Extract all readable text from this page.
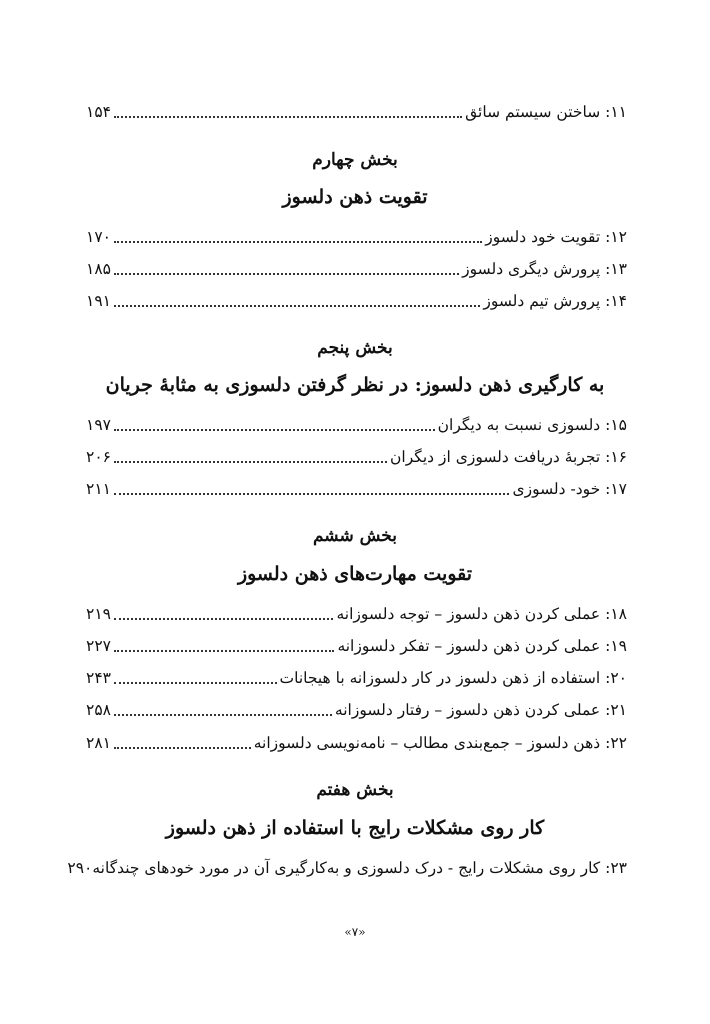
۱۱: ساختن سیستم سائق
۱۵۴
بخش چهارم
تقویت ذهن دلسوز
۱۲: تقویت خود دلسوز
۱۷۰
۱۳: پرورش دیگری دلسوز
۱۸۵
۱۴: پرورش تیم دلسوز
۱۹۱
بخش پنجم
به کارگیری ذهن دلسوز: در نظر گرفتن دلسوزی به مثابهٔ جریان
۱۵: دلسوزی نسبت به دیگران
۱۹۷
۱۶: تجربهٔ دریافت دلسوزی از دیگران
۲۰۶
۱۷: خود- دلسوزی
۲۱۱
بخش ششم
تقویت مهارت‌های ذهن دلسوز
۱۸: عملی کردن ذهن دلسوز – توجه دلسوزانه
۲۱۹
۱۹: عملی کردن ذهن دلسوز – تفکر دلسوزانه
۲۲۷
۲۰: استفاده از ذهن دلسوز در کار دلسوزانه با هیجانات
۲۴۳
۲۱: عملی کردن ذهن دلسوز – رفتار دلسوزانه
۲۵۸
۲۲: ذهن دلسوز – جمع‌بندی مطالب – نامه‌نویسی دلسوزانه
۲۸۱
بخش هفتم
کار روی مشکلات رایج با استفاده از ذهن دلسوز
۲۳: کار روی مشکلات رایج - درک دلسوزی و به‌کارگیری آن در مورد خودهای چندگانه
۲۹۰
«۷»
